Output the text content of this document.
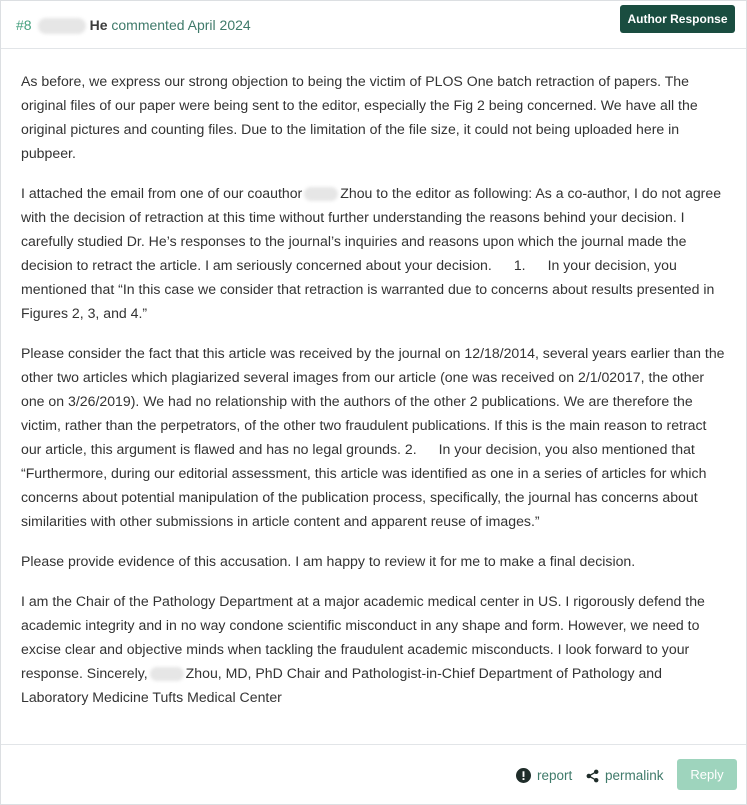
#8	He commented April 2024	Author Response

As before, we express our strong objection to being the victim of PLOS One batch retraction of papers. The original files of our paper were being sent to the editor, especially the Fig 2 being concerned. We have all the original pictures and counting files. Due to the limitation of the file size, it could not being uploaded here in pubpeer.

I attached the email from one of our coauthor	Zhou to the editor as following: As a co-author, I do not agree with the decision of retraction at this time without further understanding the reasons behind your decision. I carefully studied Dr. He’s responses to the journal’s inquiries and reasons upon which the journal made the decision to retract the article. I am seriously concerned about your decision. 1. In your decision, you mentioned that “In this case we consider that retraction is warranted due to concerns about results presented in Figures 2, 3, and 4.”

Please consider the fact that this article was received by the journal on 12/18/2014, several years earlier than the other two articles which plagiarized several images from our article (one was received on 2/1/02017, the other one on 3/26/2019). We had no relationship with the authors of the other 2 publications. We are therefore the victim, rather than the perpetrators, of the other two fraudulent publications. If this is the main reason to retract our article, this argument is flawed and has no legal grounds. 2. In your decision, you also mentioned that “Furthermore, during our editorial assessment, this article was identified as one in a series of articles for which concerns about potential manipulation of the publication process, specifically, the journal has concerns about similarities with other submissions in article content and apparent reuse of images.”

Please provide evidence of this accusation. I am happy to review it for me to make a final decision.

I am the Chair of the Pathology Department at a major academic medical center in US. I rigorously defend the academic integrity and in no way condone scientific misconduct in any shape and form. However, we need to excise clear and objective minds when tackling the fraudulent academic misconducts. I look forward to your response. Sincerely,	Zhou, MD, PhD Chair and Pathologist-in-Chief Department of Pathology and Laboratory Medicine Tufts Medical Center

report	permalink	Reply
